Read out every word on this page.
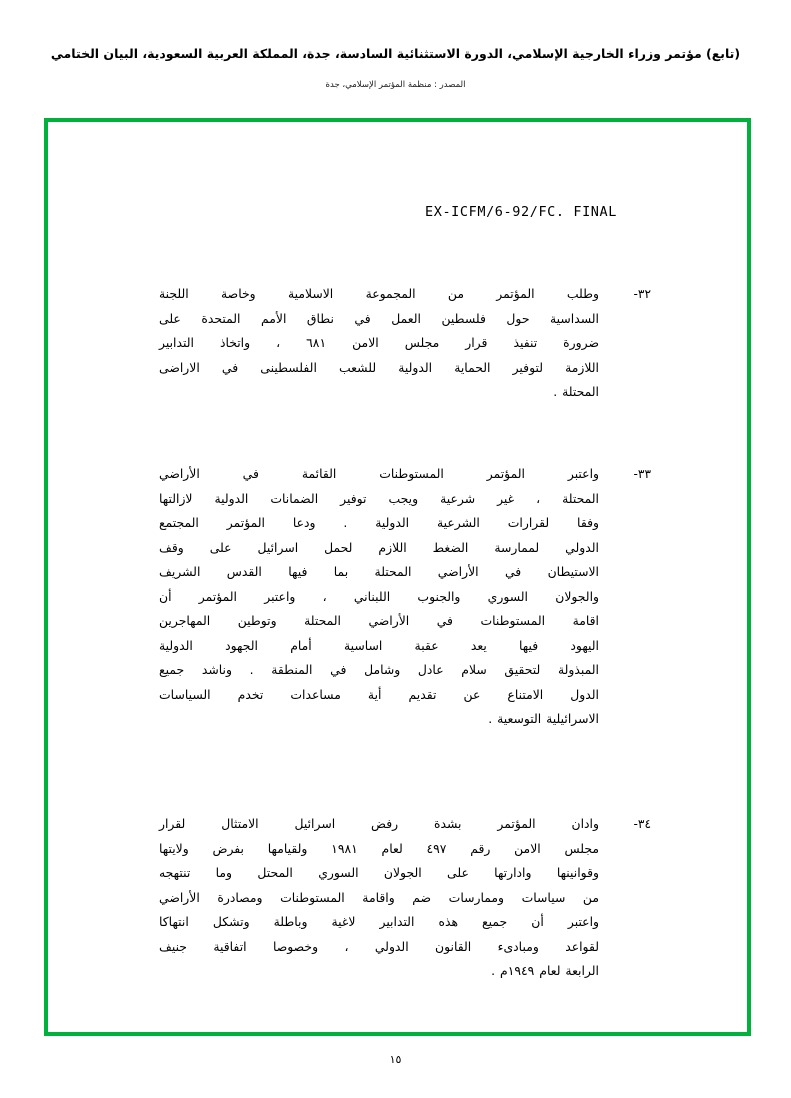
(تابع) مؤتمر وزراء الخارجية الإسلامي، الدورة الاستثنائية السادسة، جدة، المملكة العربية السعودية، البيان الختامي
المصدر : منظمة المؤتمر الإسلامي، جدة
EX-ICFM/6-92/FC. FINAL
٣٢-
وطلب المؤتمر من المجموعة الاسلامية وخاصة اللجنة
السداسية حول فلسطين العمل في نطاق الأمم المتحدة على
ضرورة تنفيذ قرار مجلس الامن ٦٨١ ، واتخاذ التدابير
اللازمة لتوفير الحماية الدولية للشعب الفلسطينى في الاراضى
المحتلة .
٣٣-
واعتبر المؤتمر المستوطنات القائمة في الأراضي
المحتلة ، غير شرعية ويجب توفير الضمانات الدولية لازالتها
وفقا لقرارات الشرعية الدولية . ودعا المؤتمر المجتمع
الدولي لممارسة الضغط اللازم لحمل اسرائيل على وقف
الاستيطان في الأراضي المحتلة بما فيها القدس الشريف
والجولان السوري والجنوب اللبناني ، واعتبر المؤتمر أن
اقامة المستوطنات في الأراضي المحتلة وتوطين المهاجرين
اليهود فيها يعد عقبة اساسية أمام الجهود الدولية
المبذولة لتحقيق سلام عادل وشامل في المنطقة . وناشد جميع
الدول الامتناع عن تقديم أية مساعدات تخدم السياسات
الاسرائيلية التوسعية .
٣٤-
وادان المؤتمر بشدة رفض اسرائيل الامتثال لقرار
مجلس الامن رقم ٤٩٧ لعام ١٩٨١ ولقيامها بفرض ولايتها
وقوانينها وادارتها على الجولان السوري المحتل وما تنتهجه
من سياسات وممارسات ضم واقامة المستوطنات ومصادرة الأراضي
واعتبر أن جميع هذه التدابير لاغية وباطلة وتشكل انتهاكا
لقواعد ومبادىء القانون الدولي ، وخصوصا اتفاقية جنيف
الرابعة لعام ١٩٤٩م .
١٥
